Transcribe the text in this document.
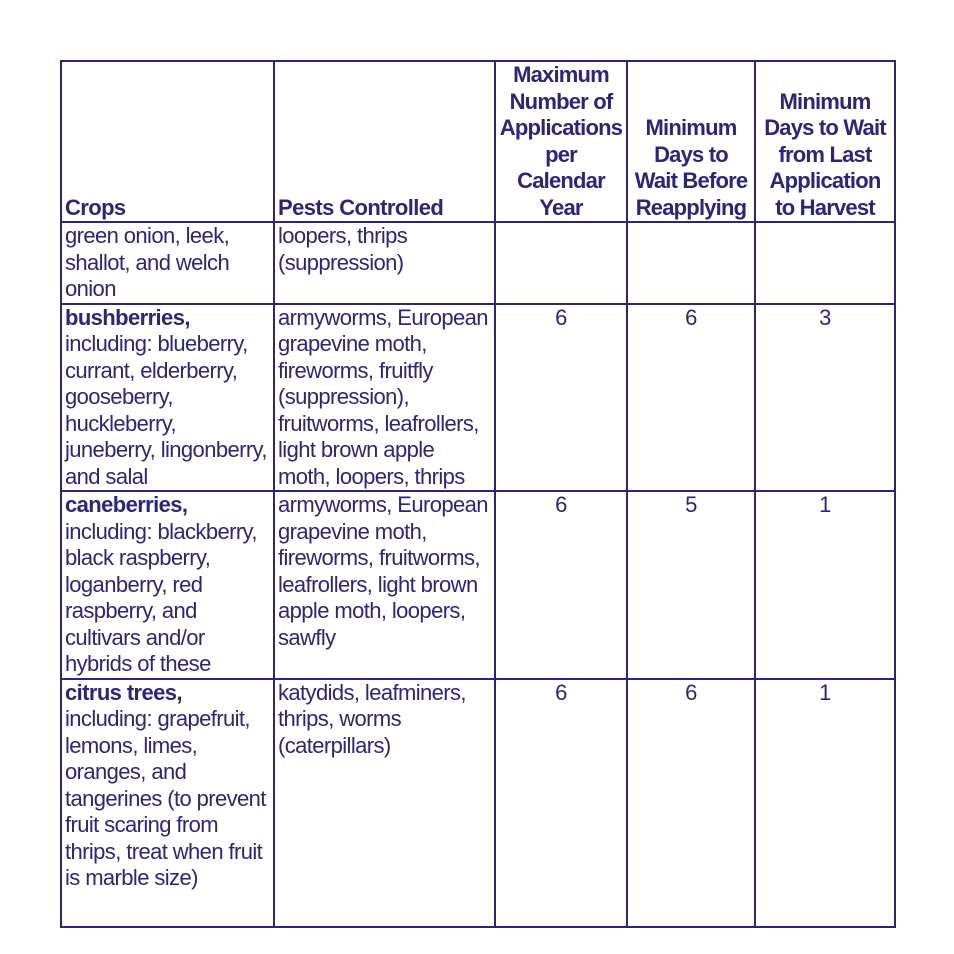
Crops	Pests Controlled	Maximum Number of Applications per Calendar Year	Minimum Days to Wait Before Reapplying	Minimum Days to Wait from Last Application to Harvest
green onion, leek, shallot, and welch onion	loopers, thrips (suppression)			

bushberries,
including: blueberry, currant, elderberry, gooseberry, huckleberry, juneberry, lingonberry, and salal	armyworms, European grapevine moth, fireworms, fruitfly (suppression), fruitworms, leafrollers, light brown apple moth, loopers, thrips	6	6	3

caneberries,
including: blackberry, black raspberry, loganberry, red raspberry, and cultivars and/or hybrids of these	armyworms, European grapevine moth, fireworms, fruitworms, leafrollers, light brown apple moth, loopers, sawfly	6	5	1

citrus trees,
including: grapefruit, lemons, limes, oranges, and tangerines (to prevent fruit scaring from thrips, treat when fruit is marble size)	katydids, leafminers, thrips, worms (caterpillars)	6	6	1
